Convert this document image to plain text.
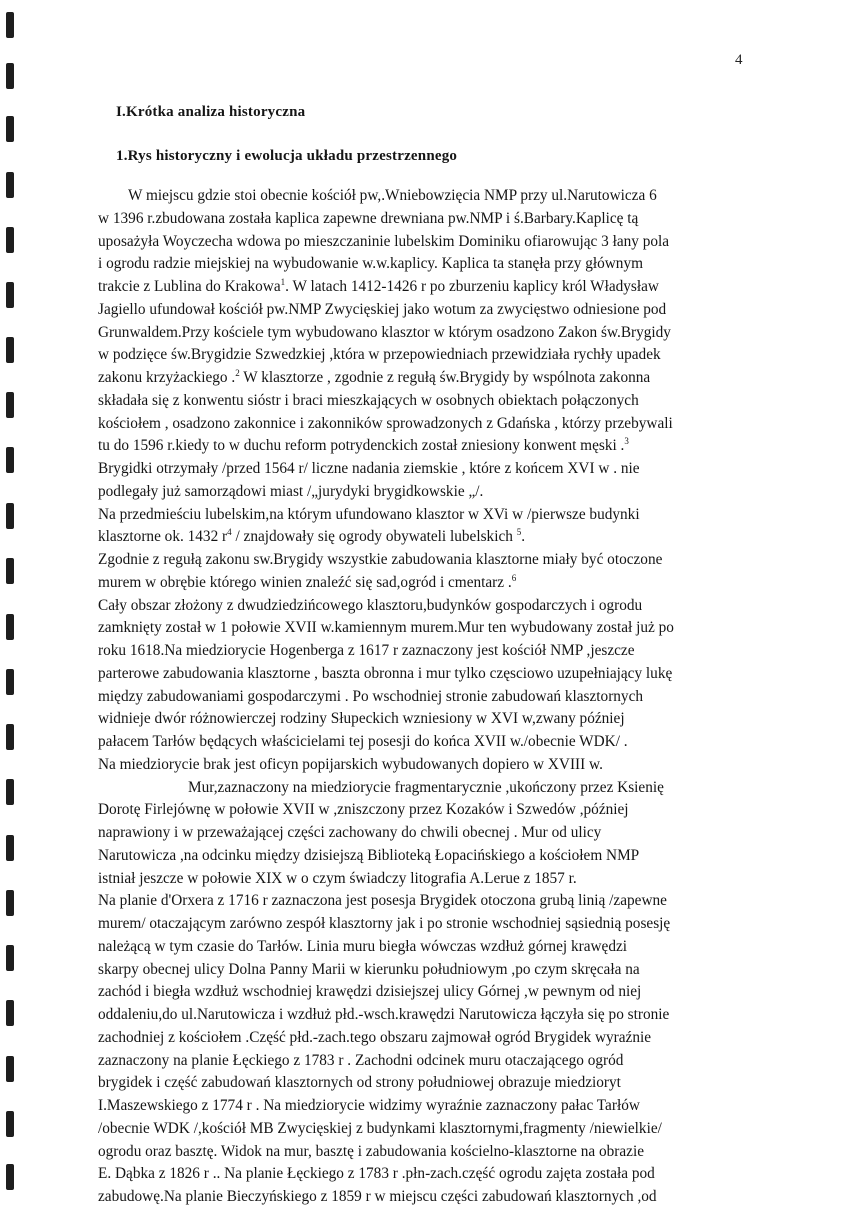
4
I.Krótka analiza historyczna
1.Rys historyczny i ewolucja układu przestrzennego
W miejscu gdzie stoi obecnie kościół pw,.Wniebowzięcia NMP przy ul.Narutowicza 6
w 1396 r.zbudowana została kaplica zapewne drewniana pw.NMP i ś.Barbary.Kaplicę tą
uposażyła Woyczecha wdowa po mieszczaninie lubelskim Dominiku ofiarowując 3 łany pola
i ogrodu radzie miejskiej na wybudowanie w.w.kaplicy. Kaplica ta stanęła przy głównym
trakcie z Lublina do Krakowa$^1$. W latach 1412-1426 r po zburzeniu kaplicy król Władysław
Jagiello ufundował kościół pw.NMP Zwycięskiej jako wotum za zwycięstwo odniesione pod
Grunwaldem.Przy kościele tym wybudowano klasztor w którym osadzono Zakon św.Brygidy
w podzięce św.Brygidzie Szwedzkiej ,która w przepowiedniach przewidziała rychły upadek
zakonu krzyżackiego .$^2$ W klasztorze , zgodnie z regułą św.Brygidy by wspólnota zakonna
składała się z konwentu sióstr i braci mieszkających w osobnych obiektach połączonych
kościołem , osadzono zakonnice i zakonników sprowadzonych z Gdańska , którzy przebywali
tu do 1596 r.kiedy to w duchu reform potrydenckich został zniesiony konwent męski .$^3$
Brygidki otrzymały /przed 1564 r/ liczne nadania ziemskie , które z końcem XVI w . nie
podlegały już samorządowi miast /„jurydyki brygidkowskie „/.
Na przedmieściu lubelskim,na którym ufundowano klasztor w XVi w /pierwsze budynki
klasztorne ok. 1432 $r^4$ / znajdowały się ogrody obywateli lubelskich $^5$.
Zgodnie z regułą zakonu sw.Brygidy wszystkie zabudowania klasztorne miały być otoczone
murem w obrębie którego winien znaleźć się sad,ogród i cmentarz .$^6$
Cały obszar złożony z dwudziedzińcowego klasztoru,budynków gospodarczych i ogrodu
zamknięty został w 1 połowie XVII w.kamiennym murem.Mur ten wybudowany został już po
roku 1618.Na miedziorycie Hogenberga z 1617 r zaznaczony jest kościół NMP ,jeszcze
parterowe zabudowania klasztorne , baszta obronna i mur tylko częsciowo uzupełniający lukę
między zabudowaniami gospodarczymi . Po wschodniej stronie zabudowań klasztornych
widnieje dwór różnowierczej rodziny Słupeckich wzniesiony w XVI w,zwany później
pałacem Tarłów będących właścicielami tej posesji do końca XVII w./obecnie WDK/ .
Na miedziorycie brak jest oficyn popijarskich wybudowanych dopiero w XVIII w.
Mur,zaznaczony na miedziorycie fragmentarycznie ,ukończony przez Ksienię
Dorotę Firlejównę w połowie XVII w ,zniszczony przez Kozaków i Szwedów ,później
naprawiony i w przeważającej części zachowany do chwili obecnej . Mur od ulicy
Narutowicza ,na odcinku między dzisiejszą Biblioteką Łopacińskiego a kościołem NMP
istniał jeszcze w połowie XIX w o czym świadczy litografia A.Lerue z 1857 r.
Na planie d'Orxera z 1716 r zaznaczona jest posesja Brygidek otoczona grubą linią /zapewne
murem/ otaczającym zarówno zespół klasztorny jak i po stronie wschodniej sąsiednią posesję
należącą w tym czasie do Tarłów. Linia muru biegła wówczas wzdłuż górnej krawędzi
skarpy obecnej ulicy Dolna Panny Marii w kierunku południowym ,po czym skręcała na
zachód i biegła wzdłuż wschodniej krawędzi dzisiejszej ulicy Górnej ,w pewnym od niej
oddaleniu,do ul.Narutowicza i wzdłuż płd.-wsch.krawędzi Narutowicza łączyła się po stronie
zachodniej z kościołem .Część płd.-zach.tego obszaru zajmował ogród Brygidek wyraźnie
zaznaczony na planie Łęckiego z 1783 r . Zachodni odcinek muru otaczającego ogród
brygidek i część zabudowań klasztornych od strony południowej obrazuje miedzioryt
I.Maszewskiego z 1774 r . Na miedziorycie widzimy wyraźnie zaznaczony pałac Tarłów
/obecnie WDK /,kościół MB Zwycięskiej z budynkami klasztornymi,fragmenty /niewielkie/
ogrodu oraz basztę. Widok na mur, basztę i zabudowania kościelno-klasztorne na obrazie
E. Dąbka z 1826 r .. Na planie Łęckiego z 1783 r .płn-zach.część ogrodu zajęta została pod
zabudowę.Na planie Bieczyńskiego z 1859 r w miejscu części zabudowań klasztornych ,od
